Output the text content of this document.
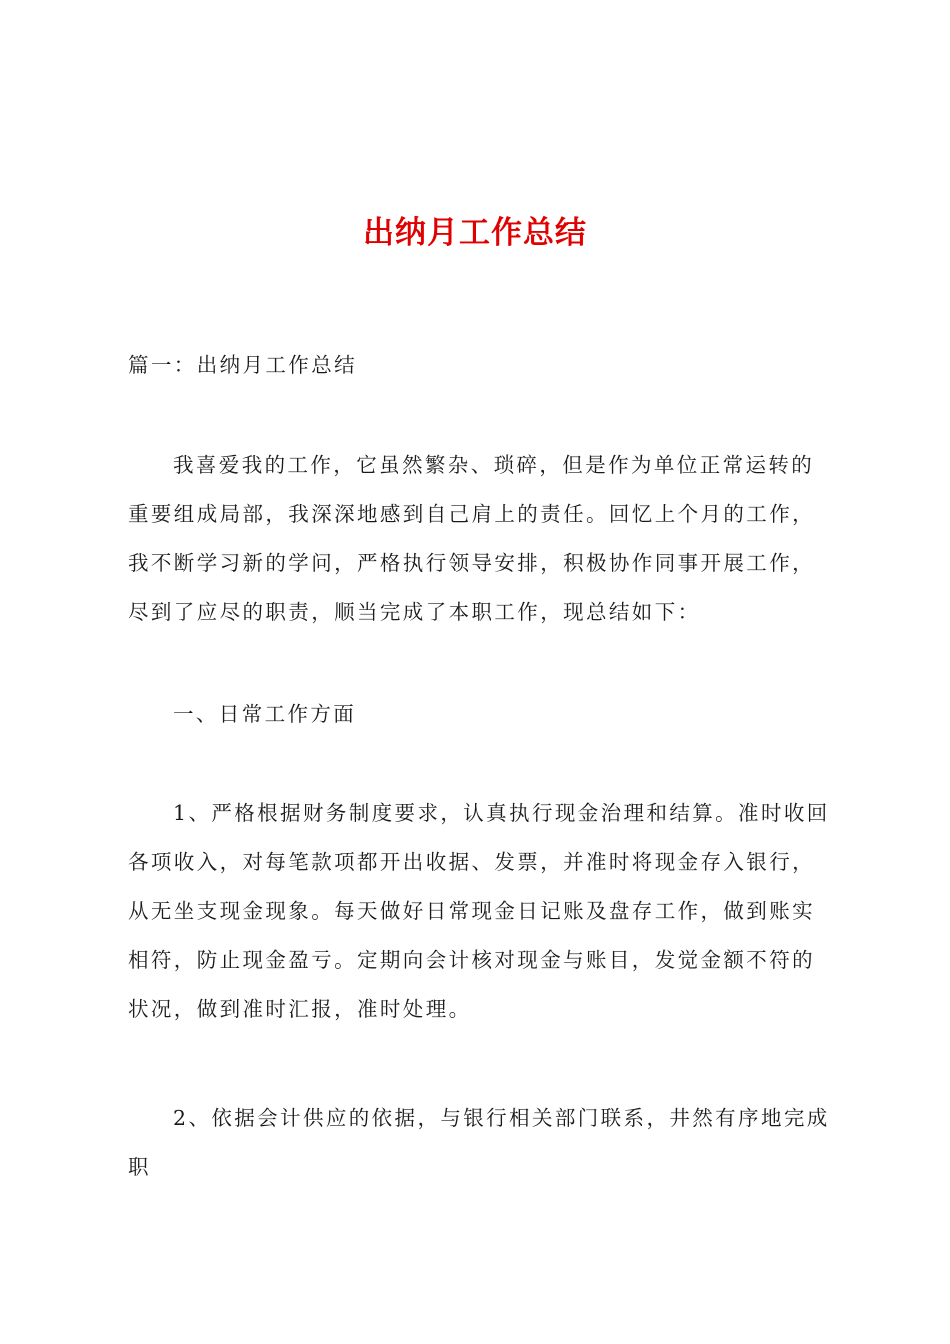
出纳月工作总结

篇一：出纳月工作总结

我喜爱我的工作，它虽然繁杂、琐碎，但是作为单位正常运转的重要组成局部，我深深地感到自己肩上的责任。回忆上个月的工作，我不断学习新的学问，严格执行领导安排，积极协作同事开展工作，尽到了应尽的职责，顺当完成了本职工作，现总结如下：

一、日常工作方面

1、严格根据财务制度要求，认真执行现金治理和结算。准时收回各项收入，对每笔款项都开出收据、发票，并准时将现金存入银行，从无坐支现金现象。每天做好日常现金日记账及盘存工作，做到账实相符，防止现金盈亏。定期向会计核对现金与账目，发觉金额不符的状况，做到准时汇报，准时处理。

2、依据会计供应的依据，与银行相关部门联系，井然有序地完成职
